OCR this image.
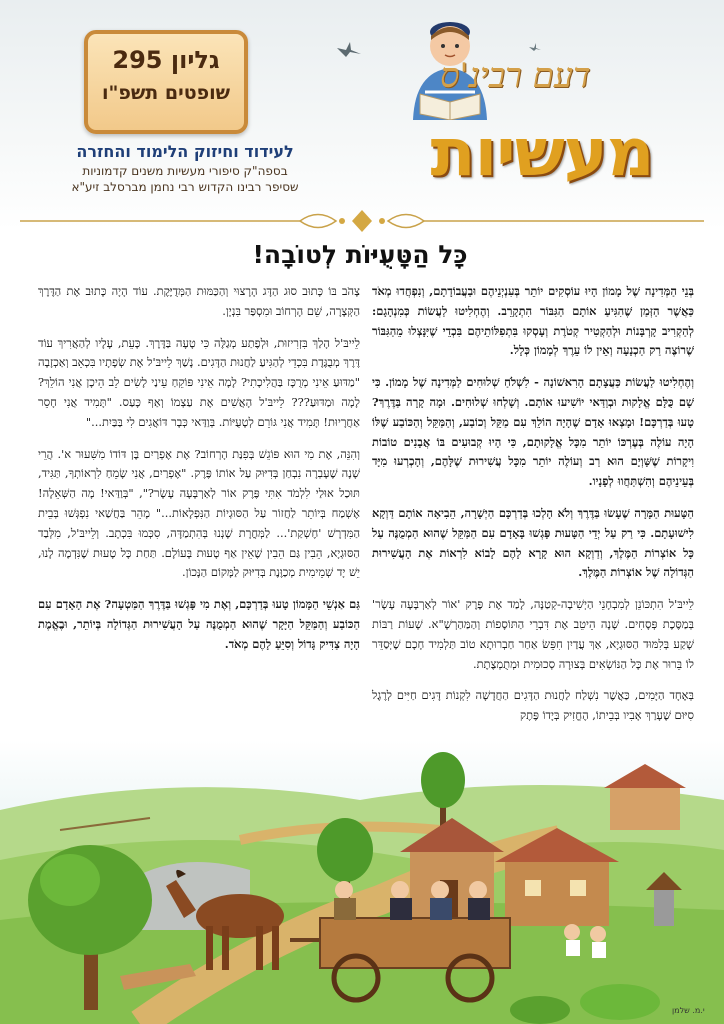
גליון 295
שופטים תשפ"ו
לעידוד וחיזוק הלימוד והחזרה
בספה"ק סיפורי מעשיות משנים קדמוניות
שסיפר רבינו הקדוש רבי נחמן מברסלב זיע"א
דעם רבינ'ס
מעשיות
כָּל הַטָּעֻיּוֹת לְטוֹבָה!

בְּנֵי הַמְּדִינָה שֶׁל מָמוֹן הָיוּ עוֹסְקִים יוֹתֵר בְּעִנְיְנֵיהֶם וּבַעֲבוֹדָתָם, וְנִפְחֲדוּ מְאֹד כַּאֲשֶׁר הַזְּמַן שֶׁהִגִּיעַ אוֹתָם הַגִּבּוֹר הִתְקָרֵב. וְהֶחְלִיטוּ לַעֲשׂוֹת כְּמִנְהָגָם: לְהַקְרִיב קָרְבָּנוֹת וּלְהַקְטִיר קְטֹרֶת וְעָסְקוּ בִּתְפִלּוֹתֵיהֶם בִּכְדֵי שֶׁיִּנָּצְלוּ מֵהַגִּבּוֹר שֶׁרוֹצֶה רַק הַכְנָעָה וְאֵין לוֹ עֵרֶךְ לְמָמוֹן כְּלָל.

וְהֶחְלִיטוּ לַעֲשׂוֹת כַּעֲצָתָם הָרִאשׁוֹנָה - לִשְׁלֹחַ שְׁלוּחִים לַמְּדִינָה שֶׁל מָמוֹן. כִּי שָׁם כֻּלָּם אֱלָקוּת וּבְוַדַּאי יוֹשִׁיעוּ אוֹתָם. וְשָׁלְחוּ שְׁלוּחִים. וּמָה קָרָה בַּדֶּרֶךְ? טָעוּ בְּדַרְכָּם! וּמָצְאוּ אָדָם שֶׁהָיָה הוֹלֵךְ עִם מַקֵּל וְכוֹבַע, וְהַמַּקֵּל וְהַכּוֹבַע שֶׁלּוֹ הָיָה עוֹלֶה בְּעֶרְכּוֹ יוֹתֵר מִכָּל אֱלָקוּתָם, כִּי הָיוּ קְבוּעִים בּוֹ אֲבָנִים טוֹבוֹת וִיקָרוֹת שֶׁשָּׁוְיָם הוּא רַב וְעוֹלֶה יוֹתֵר מִכָּל עֲשִׁירוּת שֶׁלָּהֶם, וְהָכְרְעוּ מִיָּד בְּעֵינֵיהֶם וְהִשְׁתַּחֲווּ לְפָנָיו.

הַטָּעוּת הַמָּרָה שֶׁעָשׂוּ בַּדֶּרֶךְ וְלֹא הָלְכוּ בְּדַרְכָּם הַיְשָׁרָה, הֵבִיאָה אוֹתָם דַּוְקָא לִישׁוּעָתָם. כִּי רַק עַל יְדֵי הַטָּעוּת פָּגְשׁוּ בָּאָדָם עִם הַמַּקֵּל שֶׁהוּא הַמְמֻנֶּה עַל כָּל אוֹצְרוֹת הַמֶּלֶךְ, וְדַוְקָא הוּא קָרָא לָהֶם לָבוֹא לִרְאוֹת אֶת הָעֲשִׁירוּת הַגְּדוֹלָה שֶׁל אוֹצְרוֹת הַמֶּלֶךְ.

לֵייבּ'ל הִתְכּוֹנֵן לְמִבְחָנֵי הַיְשִׁיבָה-קְטַנָּה, לָמַד אֶת פֶּרֶק 'אוֹר לְאַרְבָּעָה עָשָׂר' בְּמַסֶּכֶת פְּסָחִים. שָׁנָה הֵיטֵב אֶת דִּבְרֵי הַתּוֹסָפוֹת וְהַמַּהַרְשָׁ"א. שָׁעוֹת רַבּוֹת שָׁקַע בְּלִמּוּד הַסּוּגְיָא, אַךְ עֲדַיִן חִפֵּשׂ אַחַר חַבְרוּתָא טוֹב תַּלְמִיד חָכָם שֶׁיְּסַדֵּר לוֹ בֵּרוּר אֶת כָּל הַנּוֹשְׂאִים בְּצוּרָה סְכוּמִית וּמְתֻמְצֶתֶת.

בְּאֶחָד הַיָּמִים, כַּאֲשֶׁר נִשְׁלַח לַחֲנוּת הַדָּגִים הַחֲדָשָׁה לִקְנוֹת דָּגִים חַיִּים לְרֶגֶל סִיּוּם שֶׁעָרַךְ אָבִיו בְּבֵיתוֹ, הֶחֱזִיק בְּיָדוֹ פֶּתֶק

צָהֹב בּוֹ כָּתוּב סוּג הַדָּג הָרָצוּי וְהַכַּמּוּת הַמְּדֻיֶּקֶת. עוֹד הָיָה כָּתוּב אֶת הַדֶּרֶךְ הַקְּצָרָה, שֵׁם הָרְחוֹב וּמִסְפַּר בִּנְיָן.

לֵייבּ'ל הָלַךְ בִּזְרִיזוּת, וּלְפֶתַע מְגַלֶּה כִּי טָעָה בַּדֶּרֶךְ. כָּעֵת, עָלָיו לְהַאֲרִיךְ עוֹד דֶּרֶךְ מְבֻגֶּדֶת בִּכְדֵי לְהַגִּיעַ לַחֲנוּת הַדָּגִים. נָשַׁךְ לֵייבּ'ל אֶת שְׂפָתָיו בִּכְאֵב וְאַכְזָבָה "מַדּוּעַ אֵינִי מְרֻכָּז בַּהֲלִיכָתִי? לָמָה אֵינִי פּוֹקֵחַ עֵינַי לָשִׂים לֵב הֵיכָן אֲנִי הוֹלֵךְ? לָמָה וּמַדּוּעַ??? לֵייבּ'ל הָאֲשִׁים אֶת עַצְמוֹ וְאַף כָּעַס. "תָּמִיד אֲנִי חָסֵר אַחֲרָיוּת! תָּמִיד אֲנִי גּוֹרֵם לְטָעֻיּוֹת. בְּוַדַּאי כְּבָר דּוֹאֲגִים לִי בַּבַּיִת..."

וְהִנֵּה, אֶת מִי הוּא פּוֹגֵשׁ בְּפִנַּת הָרְחוֹב? אֶת אֶפְרַיִם בֶּן דּוֹדוֹ מִשִּׁעוּר א'. הֲרֵי שָׁנָה שֶׁעָבְרָה נִבְחַן בְּדִיּוּק עַל אוֹתוֹ פֶּרֶק. "אֶפְרַיִם, אֲנִי שָׂמֵחַ לִרְאוֹתְךָ, תַּגִּיד, תּוּכַל אוּלַי לִלְמֹד אִתִּי פֶּרֶק אוֹר לְאַרְבָּעָה עָשָׂר?", "בְּוַדַּאי! מָה הַשְּׁאֵלָה! אֶשְׁמַח בְּיוֹתֵר לַחֲזוֹר עַל הַסּוּגְיוֹת הַנִּפְלָאוֹת..." מָהֵר בַּחֲשַׁאי נִפְגְּשׁוּ בְּבֵית הַמִּדְרָשׁ 'חֶשְׁקַת'... לַמְּחֳרָת שָׁנְנוּ בְּהִתְמַדָּה, סִכְּמוּ בִּכְתָב. וְלֵייבּ'ל, מִלְּבַד הַסּוּגְיָא, הֵבִין גַּם הֵבִין שֶׁאֵין אַף טָעוּת בָּעוֹלָם. תַּחַת כָּל טָעוּת שֶׁנִּדְמֶה לָנוּ, יֵשׁ יָד שְׁמֵימִית מְכַוֶּנֶת בְּדִיּוּק לַמָּקוֹם הַנָּכוֹן.

גַּם אַנְשֵׁי הַמָּמוֹן טָעוּ בְּדַרְכָּם, וְאֶת מִי פָּגְשׁוּ בַּדֶּרֶךְ הַמַּטְעָה? אֶת הָאָדָם עִם הַכּוֹבַע וְהַמַּקֵּל הַיָּקָר שֶׁהוּא הַמְמֻנֶּה עַל הָעֲשִׁירוּת הַגְּדוֹלָה בְּיוֹתֵר, וּבֶאֱמֶת הָיָה צַדִּיק גָּדוֹל וְסִיֵּעַ לָהֶם מְאֹד.

י.מ. שלמן
